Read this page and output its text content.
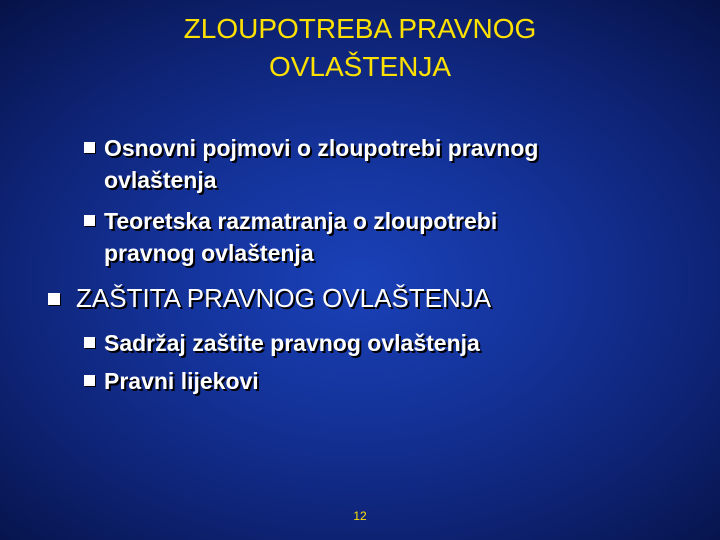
ZLOUPOTREBA PRAVNOG
OVLAŠTENJA
Osnovni pojmovi o zloupotrebi pravnog
ovlaštenja
Teoretska razmatranja o zloupotrebi
pravnog ovlaštenja
ZAŠTITA PRAVNOG OVLAŠTENJA
Sadržaj zaštite pravnog ovlaštenja
Pravni lijekovi
12
